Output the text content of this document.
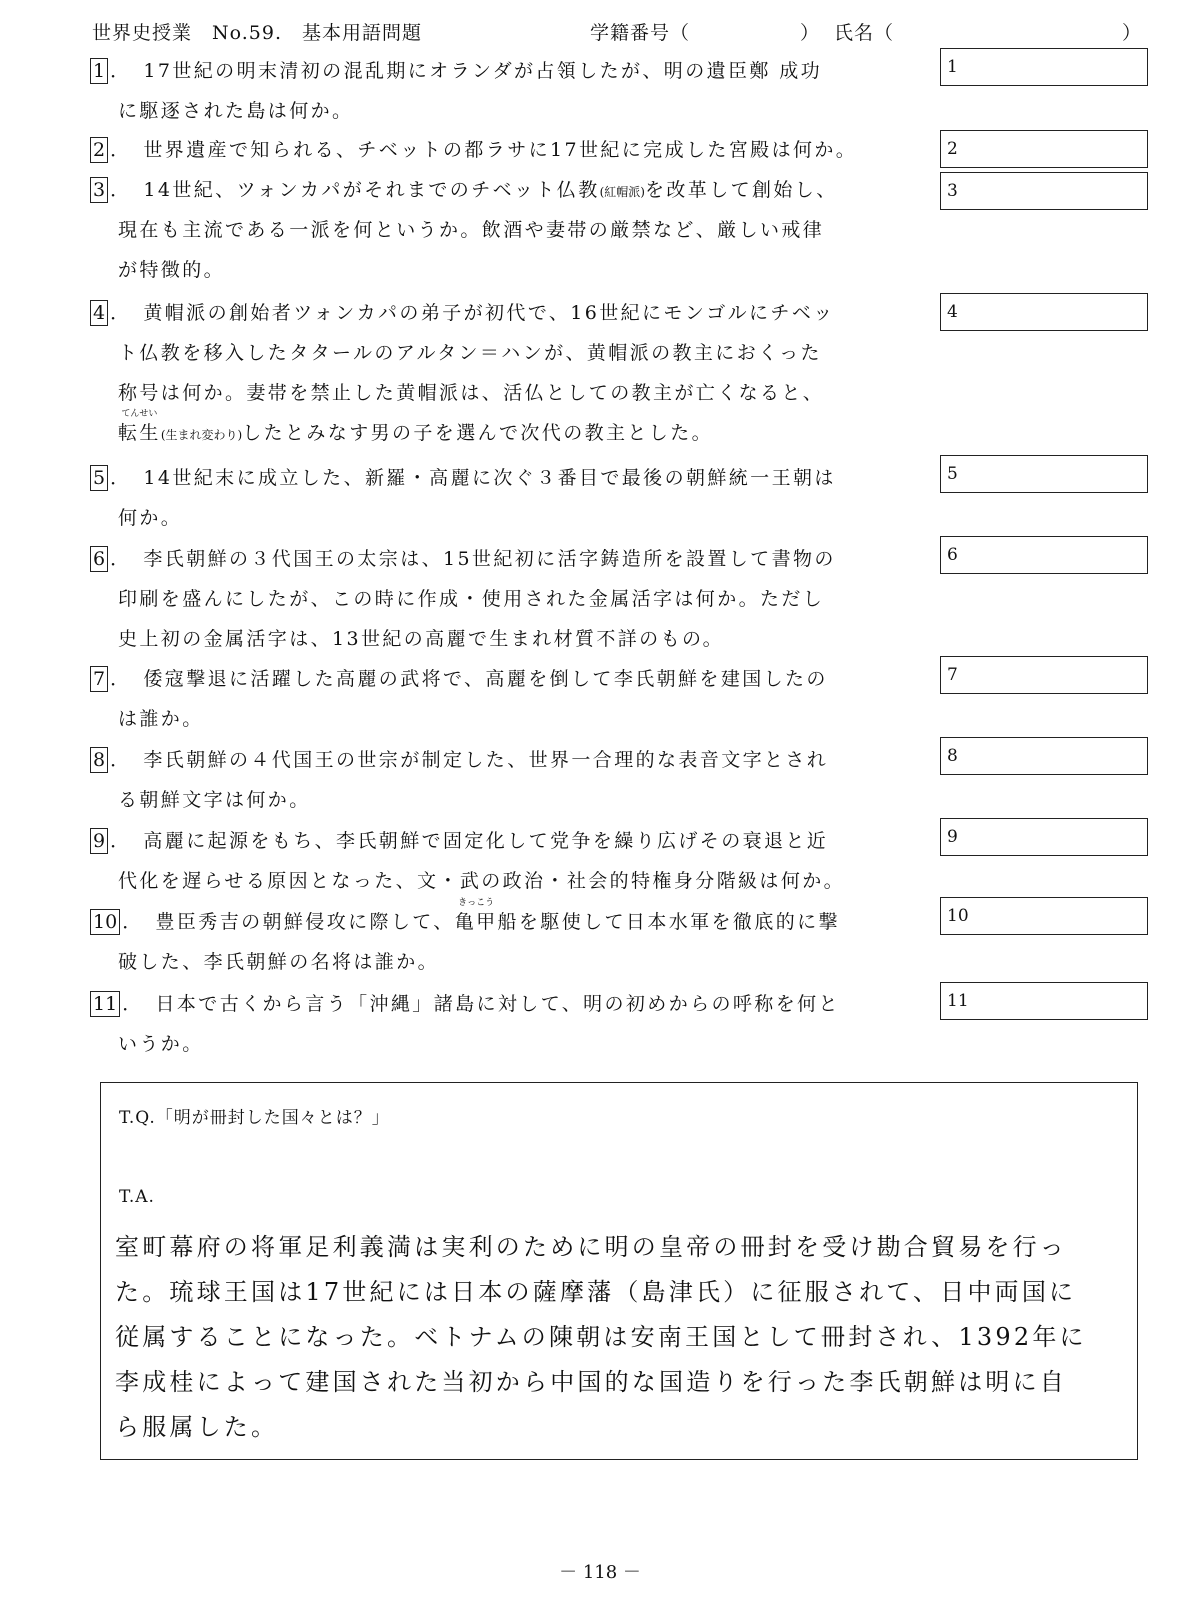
世界史授業　No.59.　基本用語問題	学籍番号（	） 氏名（	）
1 ．　17世紀の明末清初の混乱期にオランダが占領したが、明の遺臣鄭 成功
に駆逐された島は何か。
1
2 ．　世界遺産で知られる、チベットの都ラサに17世紀に完成した宮殿は何か。	2
3 ．　14世紀、ツォンカパがそれまでのチベット仏教(紅帽派)を改革して創始し、
現在も主流である一派を何というか。飲酒や妻帯の厳禁など、厳しい戒律
が特徴的。
3
4 ．　黄帽派の創始者ツォンカパの弟子が初代で、16世紀にモンゴルにチベッ
ト仏教を移入したタタールのアルタン＝ハンが、黄帽派の教主におくった
称号は何か。妻帯を禁止した黄帽派は、活仏としての教主が亡くなると、
てんせい
転生(生まれ変わり)したとみなす男の子を選んで次代の教主とした。
4
5 ．　14世紀末に成立した、新羅・高麗に次ぐ３番目で最後の朝鮮統一王朝は
何か。
5
6 ．　李氏朝鮮の３代国王の太宗は、15世紀初に活字鋳造所を設置して書物の
印刷を盛んにしたが、この時に作成・使用された金属活字は何か。ただし
史上初の金属活字は、13世紀の高麗で生まれ材質不詳のもの。
6
7 ．　倭寇撃退に活躍した高麗の武将で、高麗を倒して李氏朝鮮を建国したの
は誰か。
7
8 ．　李氏朝鮮の４代国王の世宗が制定した、世界一合理的な表音文字とされ
る朝鮮文字は何か。
8
9 ．　高麗に起源をもち、李氏朝鮮で固定化して党争を繰り広げその衰退と近
代化を遅らせる原因となった、文・武の政治・社会的特権身分階級は何か。
9
10 ．　豊臣秀吉の朝鮮侵攻に際して、
きっこう
亀甲船を駆使して日本水軍を徹底的に撃
破した、李氏朝鮮の名将は誰か。
10
11 ．　日本で古くから言う「沖縄」諸島に対して、明の初めからの呼称を何と
いうか。
11
T.Q.「明が冊封した国々とは？」
T.A.
室町幕府の将軍足利義満は実利のために明の皇帝の冊封を受け勘合貿易を行っ
た。琉球王国は17世紀には日本の薩摩藩（島津氏）に征服されて、日中両国に
従属することになった。ベトナムの陳朝は安南王国として冊封され、1392年に
李成桂によって建国された当初から中国的な国造りを行った李氏朝鮮は明に自
ら服属した。
－ 118 －
